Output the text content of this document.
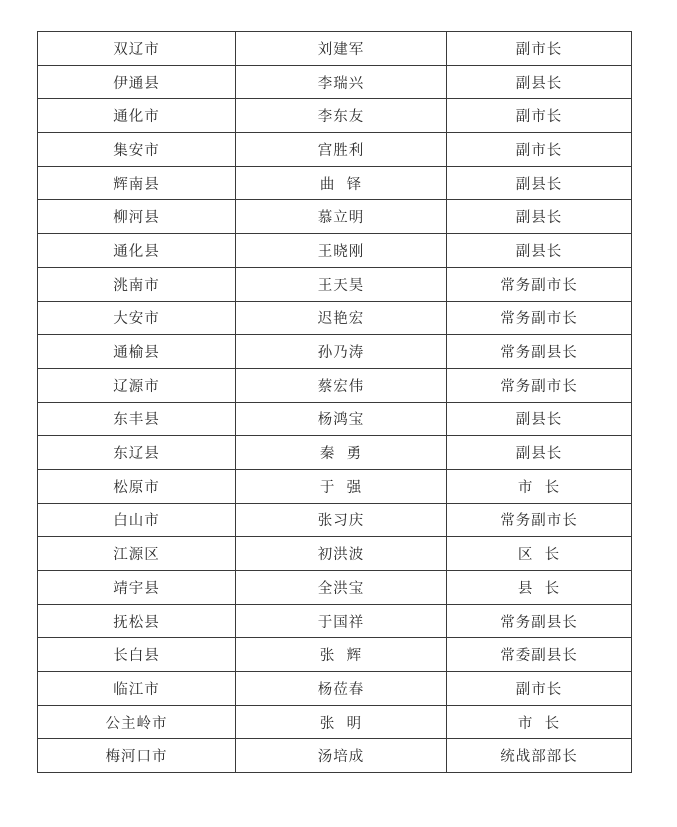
双辽市	刘建军	副市长
伊通县	李瑞兴	副县长
通化市	李东友	副市长
集安市	宫胜利	副市长
辉南县	曲  铎	副县长
柳河县	慕立明	副县长
通化县	王晓刚	副县长
洮南市	王天昊	常务副市长
大安市	迟艳宏	常务副市长
通榆县	孙乃涛	常务副县长
辽源市	蔡宏伟	常务副市长
东丰县	杨鸿宝	副县长
东辽县	秦  勇	副县长
松原市	于  强	市  长
白山市	张习庆	常务副市长
江源区	初洪波	区  长
靖宇县	全洪宝	县  长
抚松县	于国祥	常务副县长
长白县	张  辉	常委副县长
临江市	杨莅春	副市长
公主岭市	张  明	市  长
梅河口市	汤培成	统战部部长
